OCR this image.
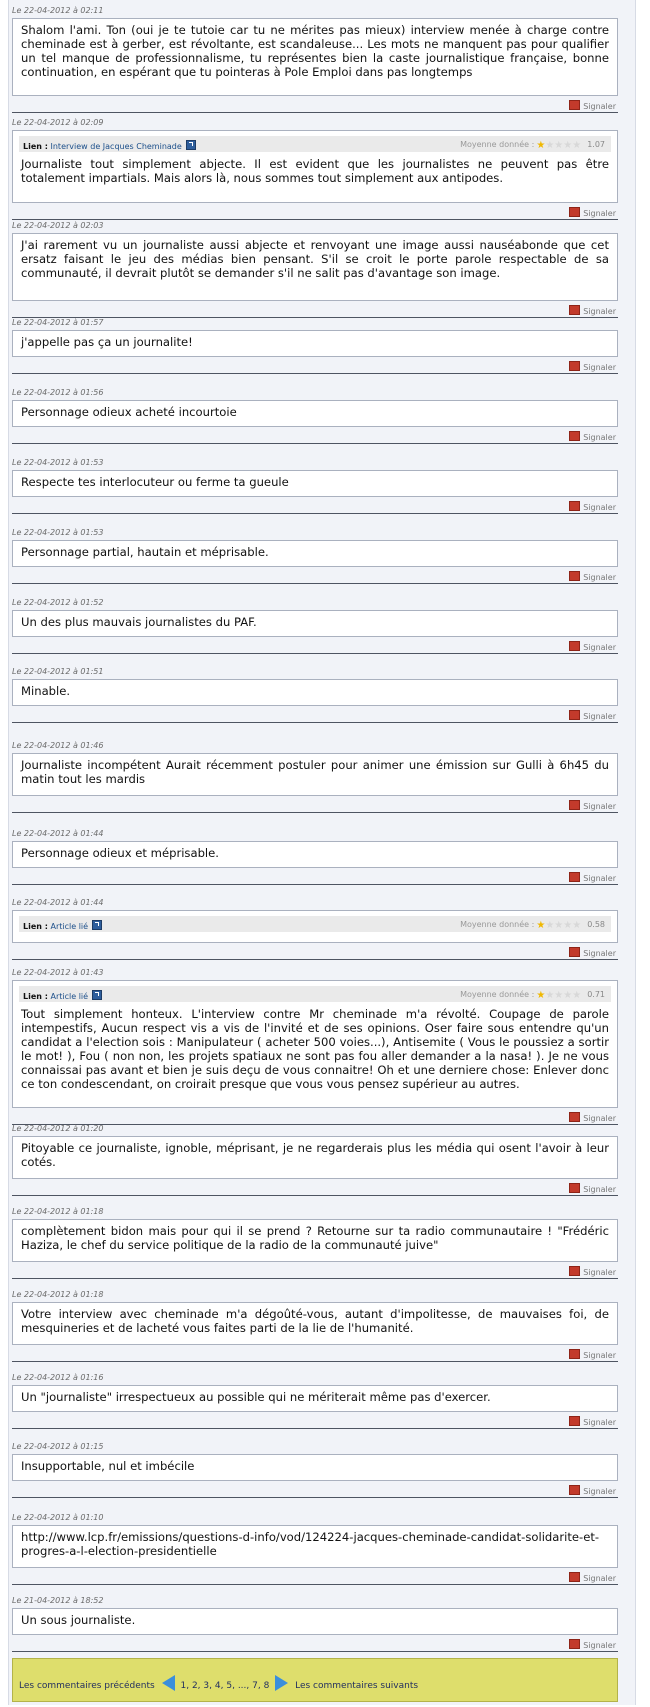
Les commentaires précédents	1, 2, 3, 4, 5, ..., 7, 8	Les commentaires suivants
Le 22-04-2012 à 02:11
Shalom l'ami. Ton (oui je te tutoie car tu ne mérites pas mieux) interview menée à charge contre cheminade est à gerber, est révoltante, est scandaleuse... Les mots ne manquent pas pour qualifier un tel manque de professionnalisme, tu représentes bien la caste journalistique française, bonne continuation, en espérant que tu pointeras à Pole Emploi dans pas longtemps
Signaler
Le 22-04-2012 à 02:09
Lien : Interview de Jacques Cheminade	Moyenne donnée : ★★★★★ 1.07
Journaliste tout simplement abjecte. Il est evident que les journalistes ne peuvent pas être totalement impartials. Mais alors là, nous sommes tout simplement aux antipodes.
Signaler
Le 22-04-2012 à 02:03
J'ai rarement vu un journaliste aussi abjecte et renvoyant une image aussi nauséabonde que cet ersatz faisant le jeu des médias bien pensant. S'il se croit le porte parole respectable de sa communauté, il devrait plutôt se demander s'il ne salit pas d'avantage son image.
Signaler
Le 22-04-2012 à 01:57
j'appelle pas ça un journalite!
Signaler
Le 22-04-2012 à 01:56
Personnage odieux acheté incourtoie
Signaler
Le 22-04-2012 à 01:53
Respecte tes interlocuteur ou ferme ta gueule
Signaler
Le 22-04-2012 à 01:53
Personnage partial, hautain et méprisable.
Signaler
Le 22-04-2012 à 01:52
Un des plus mauvais journalistes du PAF.
Signaler
Le 22-04-2012 à 01:51
Minable.
Signaler
Le 22-04-2012 à 01:46
Journaliste incompétent Aurait récemment postuler pour animer une émission sur Gulli à 6h45 du matin tout les mardis
Signaler
Le 22-04-2012 à 01:44
Personnage odieux et méprisable.
Signaler
Le 22-04-2012 à 01:44
Lien : Article lié	Moyenne donnée : ★★★★★ 0.58
Signaler
Le 22-04-2012 à 01:43
Lien : Article lié	Moyenne donnée : ★★★★★ 0.71
Tout simplement honteux. L'interview contre Mr cheminade m'a révolté. Coupage de parole intempestifs, Aucun respect vis a vis de l'invité et de ses opinions. Oser faire sous entendre qu'un candidat a l'election sois : Manipulateur ( acheter 500 voies...), Antisemite ( Vous le poussiez a sortir le mot! ), Fou ( non non, les projets spatiaux ne sont pas fou aller demander a la nasa! ). Je ne vous connaissai pas avant et bien je suis deçu de vous connaitre! Oh et une derniere chose: Enlever donc ce ton condescendant, on croirait presque que vous vous pensez supérieur au autres.
Signaler
Le 22-04-2012 à 01:20
Pitoyable ce journaliste, ignoble, méprisant, je ne regarderais plus les média qui osent l'avoir à leur cotés.
Signaler
Le 22-04-2012 à 01:18
complètement bidon mais pour qui il se prend ? Retourne sur ta radio communautaire ! "Frédéric Haziza, le chef du service politique de la radio de la communauté juive"
Signaler
Le 22-04-2012 à 01:18
Votre interview avec cheminade m'a dégoûté-vous, autant d'impolitesse, de mauvaises foi, de mesquineries et de lacheté vous faites parti de la lie de l'humanité.
Signaler
Le 22-04-2012 à 01:16
Un "journaliste" irrespectueux au possible qui ne mériterait même pas d'exercer.
Signaler
Le 22-04-2012 à 01:15
Insupportable, nul et imbécile
Signaler
Le 22-04-2012 à 01:10
http://www.lcp.fr/emissions/questions-d-info/vod/124224-jacques-cheminade-candidat-solidarite-et-progres-a-l-election-presidentielle
Signaler
Le 21-04-2012 à 18:52
Un sous journaliste.
Signaler
